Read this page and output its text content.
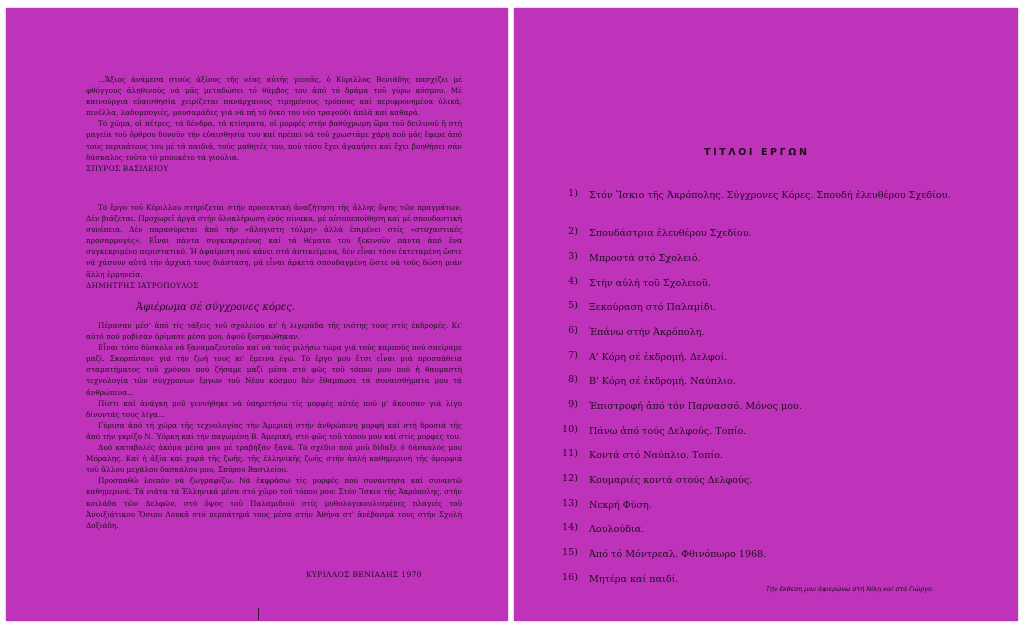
...Ἄξιος ἀνάμεσα στούς ἀξίους τῆς νέας αὐτῆς γενεᾶς, ὁ Κύριλλος Βενιάδης πασχίζει μέ φθόγγους ἀληθινούς νά μᾶς μεταδώσει τό θάμβος του ἀπό τό δράμα τοῦ γύρω κόσμου. Μέ καινούργια εὐαισθησία χειρίζεται πανάρχαιους τιμημένους τρόπους καί περιφρονημένα ὑλικά, πινέλλα, λαδομπογιές, μουσαμάδες γιά νά πῆ τό δικό του νέο τραγούδι ἁπλᾶ καί καθαρά.

Τό χῶμα, οἱ πέτρες, τά δένδρα, τά κτίσματα, οἱ μορφές στήν βαθύχρωμη ὥρα τοῦ δειλινοῦ ἢ στή μαγεία τοῦ ὄρθρου δονοῦν τήν εὐαισθησία του καί πρέπει νά τοῦ χρωστᾶμε χάρη πού μᾶς ἔφερε ἀπό τούς περιπάτους του μέ τά παιδιά, τούς μαθητές του, πού τόσο ἔχει ἀγαπήσει καί ἔχει βοηθήσει σάν δάσκαλος τοῦτο τό μπουκέτο τά γιούλια.

ΣΠΥΡΟΣ ΒΑΣΙΛΕΙΟΥ

Τό ἔργο τοῦ Κύριλλου στηρίζεται στήν προσεκτική ἀναζήτηση τῆς ἄλλης ὄψης τῶν πραγμάτων. Δέν βιάζεται. Προχωρεῖ ἀργά στήν ὁλοκλήρωση ἑνός πίνακα, μέ αὐτοπεποίθηση καί μέ σπουδαστική συνέπεια. Δέν παρασύρεται ἀπό τήν «ἄλογιστη τόλμη» ἀλλά ἐπιμένει στίς «στοχαστικές προσαρμογές». Εἶναι πάντα συγκεκριμένος καί τά θέματα του ξεκινοῦν πάντα ἀπό ἕνα συγκεκριμένο περιστατικό. Ἡ ἀφαίρεση πού κάνει στά ἀντικείμενα, δέν εἶναι τόσο ἐκτεταμένη ὥστε νά χάσουν αὐτά τήν ἀρχική τους διάσταση, μά εἶναι ἀρκετά σπουδαγμένη ὥστε νά τούς δώση μιάν ἄλλη ἑρμηνεία.

ΔΗΜΗΤΡΗΣ ΙΑΤΡΟΠΟΥΛΟΣ

Ἀφιέρωμα σέ σύγχρονες κόρες.

Πέρασαν μέσ' ἀπό τίς τάξεις τοῦ σχολείου κι' ἡ λιγεράδα τῆς νιότης τους στίς ἐκδρομές. Κι' αὐτό πού μοβίσαν ὁρίμασε μέσα μου, ἀφοῦ ξεσηκώθηκαν.

Εἶναι τόσο δύσκολο νά ξαναμαζευτοῦν καί νά τούς μιλήσω τώρα γιά τούς καρπούς πού σπείραμε μαζί. Σκορπίσανε γιά τήν ζωή τους κι' ἔμεινα ἐγώ. Τό ἔργο μου ἔτσι εἶναι μιά προσπάθεια σταματήματος τοῦ χρόνου πού ζήσαμε μαζί μέσα στό φῶς τοῦ τόπου μου πού ἡ θαυμαστή τεχνολογία τῶν σύγχρονων ἔργων τοῦ Νέου κόσμου δέν ἔθαμπωσε τά συναισθήματα μου τά ἀνθρώπινα...

Πίστι καί ἀνάγκη μοῦ γεννήθηκε νά ὑπηρετήσω τίς μορφές αὐτές πού μ' ἄκουσαν γιά λίγο δίνοντάς τους λίγα...

Γύρισα ἀπό τή χώρα τῆς τεχνολογίας τήν Ἀμερική στήν ἀνθρώπινη μορφή καί στή δροσιά τῆς ἀπό τήν γκρίζο Ν. Ὑόρκη καί τήν παγωμένη Β. Ἀμερική, στό φῶς τοῦ τόπου μου καί στίς μορφές του.

Δυό καταβολές ἀκόμα μέσα μου μέ τραβήξαν ξανά. Τό σχέδιο πού μοῦ δίδαξε ὁ δάσκαλός μου Μόραλης. Καί ἡ ἀξία καί χαρά τῆς ζωῆς, τῆς ἑλληνικῆς ζωῆς στήν ἁπλή καθημερινή τῆς ὀμορφιά τοῦ ἄλλου μεγάλου δασκάλου μου, Σπύρου Βασιλείου.

Προσπαθῶ λοιπόν νά ζωγραφίζω. Νά ἐκφράσω τίς μορφές πού συναντησα καί συναντῶ καθημερινά. Τά νιάτα τά Ἑλληνικά μέσα στό χῶρο τοῦ τόπου μου: Στόν Ἴσκιο τῆς Ἀκρόπολης, στήν κοιλάδα τῶν Δελφῶν, στό ὄψος τοῦ Παλαμιδιοῦ στίς μυθολογικουλισμένες πλαγιές τοῦ Ἀνοιξιάτικου Ὅσιου Λουκᾶ στό περπάτημά τους μέσα στήν Ἀθήνα στ' ἀνέβασμά τους στήν Σχολή Δοξιάδη.

ΚΥΡΙΛΛΟΣ ΒΕΝΙΑΔΗΣ 1970
ΤΙΤΛΟΙ ΕΡΓΩΝ
1) Στόν Ἴσκιο τῆς Ἀκρόπολης. Σύγχρονες Κόρες. Σπουδή ἐλευθέρου Σχεδίου.
2) Σπουδάστρια ἐλευθέρου Σχεδίου.
3) Μπροστά στό Σχολειό.
4) Στήν αὐλή τοῦ Σχολειοῦ.
5) Ξεκούραση στό Παλαμίδι.
6) Ἐπάνω στήν Ἀκρόπολη.
7) Α' Κόρη σέ ἐκδρομή. Δελφοί.
8) Β' Κόρη σέ ἐκδρομή. Ναύπλιο.
9) Ἐπιστροφή ἀπό τόν Παρνασσό. Μόνος μου.
10) Πάνω ἀπό τούς Δελφούς. Τοπίο.
11) Κοντά στό Ναύπλιο. Τοπίο.
12) Κουμαριές κοντά στούς Δελφούς.
13) Νεκρή Φύση.
14) Λουλούδια.
15) Ἀπό τό Μόντρεαλ. Φθινόπωρο 1968.
16) Μητέρα καί παιδί.
Τήν ἔκθεση μου ἀφιερώνω στή Νίκη καί στό Γιῶργο
